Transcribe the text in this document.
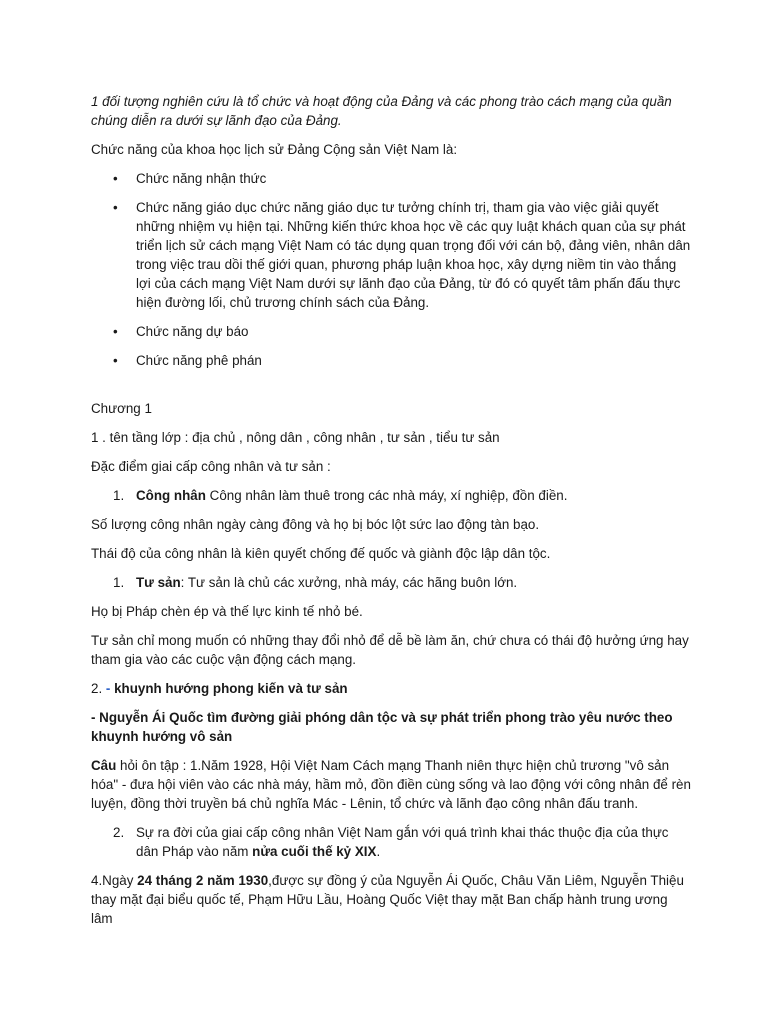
1 đối tượng nghiên cứu là tổ chức và hoạt động của Đảng và các phong trào cách mạng của quần chúng diễn ra dưới sự lãnh đạo của Đảng.

Chức năng của khoa học lịch sử Đảng Cộng sản Việt Nam là:

• Chức năng nhận thức
• Chức năng giáo dục chức năng giáo dục tư tưởng chính trị, tham gia vào việc giải quyết những nhiệm vụ hiện tại. Những kiến thức khoa học về các quy luật khách quan của sự phát triển lịch sử cách mạng Việt Nam có tác dụng quan trọng đối với cán bộ, đảng viên, nhân dân trong việc trau dồi thế giới quan, phương pháp luận khoa học, xây dựng niềm tin vào thắng lợi của cách mạng Việt Nam dưới sự lãnh đạo của Đảng, từ đó có quyết tâm phấn đấu thực hiện đường lối, chủ trương chính sách của Đảng.
• Chức năng dự báo
• Chức năng phê phán

Chương 1

1 . tên tầng lớp : địa chủ , nông dân , công nhân , tư sản , tiểu tư sản

Đặc điểm giai cấp công nhân và tư sản :

1. Công nhân Công nhân làm thuê trong các nhà máy, xí nghiệp, đồn điền.

Số lượng công nhân ngày càng đông và họ bị bóc lột sức lao động tàn bạo.

Thái độ của công nhân là kiên quyết chống đế quốc và giành độc lập dân tộc.

1. Tư sản: Tư sản là chủ các xưởng, nhà máy, các hãng buôn lớn.

Họ bị Pháp chèn ép và thế lực kinh tế nhỏ bé.

Tư sản chỉ mong muốn có những thay đổi nhỏ để dễ bề làm ăn, chứ chưa có thái độ hưởng ứng hay tham gia vào các cuộc vận động cách mạng.

2. - khuynh hướng phong kiến và tư sản

- Nguyễn Ái Quốc tìm đường giải phóng dân tộc và sự phát triển phong trào yêu nước theo khuynh hướng vô sản

Câu hỏi ôn tập : 1.Năm 1928, Hội Việt Nam Cách mạng Thanh niên thực hiện chủ trương "vô sản hóa" - đưa hội viên vào các nhà máy, hầm mỏ, đồn điền cùng sống và lao động với công nhân để rèn luyện, đồng thời truyền bá chủ nghĩa Mác - Lênin, tổ chức và lãnh đạo công nhân đấu tranh.

2. Sự ra đời của giai cấp công nhân Việt Nam gắn với quá trình khai thác thuộc địa của thực dân Pháp vào năm nửa cuối thế kỷ XIX.

4.Ngày 24 tháng 2 năm 1930,được sự đồng ý của Nguyễn Ái Quốc, Châu Văn Liêm, Nguyễn Thiệu thay mặt đại biểu quốc tế, Phạm Hữu Lầu, Hoàng Quốc Việt thay mặt Ban chấp hành trung ương lâm
